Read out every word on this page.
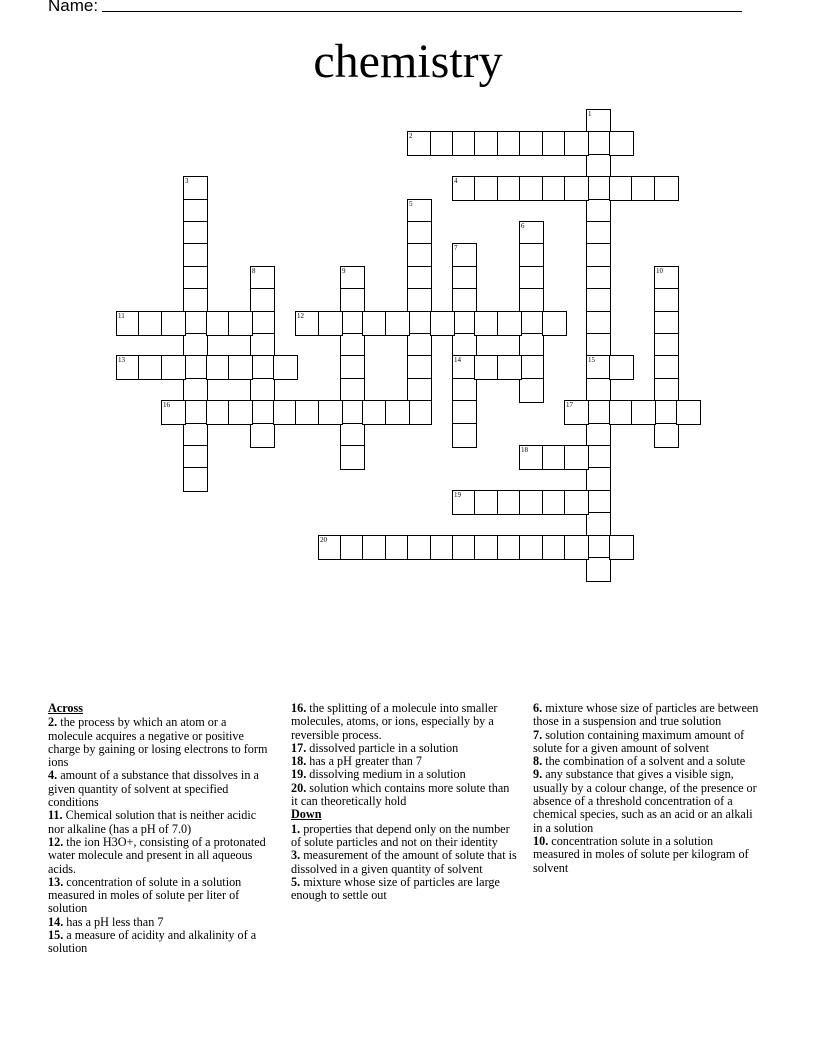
Name:
chemistry
1
15
2
3	4
5
6
7
14
8	9	10
11	12
13
16	17
18
19
20
Across
2. the process by which an atom or a molecule acquires a negative or positive charge by gaining or losing electrons to form ions
4. amount of a substance that dissolves in a given quantity of solvent at specified conditions
11. Chemical solution that is neither acidic nor alkaline (has a pH of 7.0)
12. the ion H3O+, consisting of a protonated water molecule and present in all aqueous acids.
13. concentration of solute in a solution measured in moles of solute per liter of solution
14. has a pH less than 7
15. a measure of acidity and alkalinity of a solution
16. the splitting of a molecule into smaller molecules, atoms, or ions, especially by a reversible process.
17. dissolved particle in a solution
18. has a pH greater than 7
19. dissolving medium in a solution
20. solution which contains more solute than it can theoretically hold
Down
1. properties that depend only on the number of solute particles and not on their identity
3. measurement of the amount of solute that is dissolved in a given quantity of solvent
5. mixture whose size of particles are large enough to settle out
6. mixture whose size of particles are between those in a suspension and true solution
7. solution containing maximum amount of solute for a given amount of solvent
8. the combination of a solvent and a solute
9. any substance that gives a visible sign, usually by a colour change, of the presence or absence of a threshold concentration of a chemical species, such as an acid or an alkali in a solution
10. concentration solute in a solution measured in moles of solute per kilogram of solvent
